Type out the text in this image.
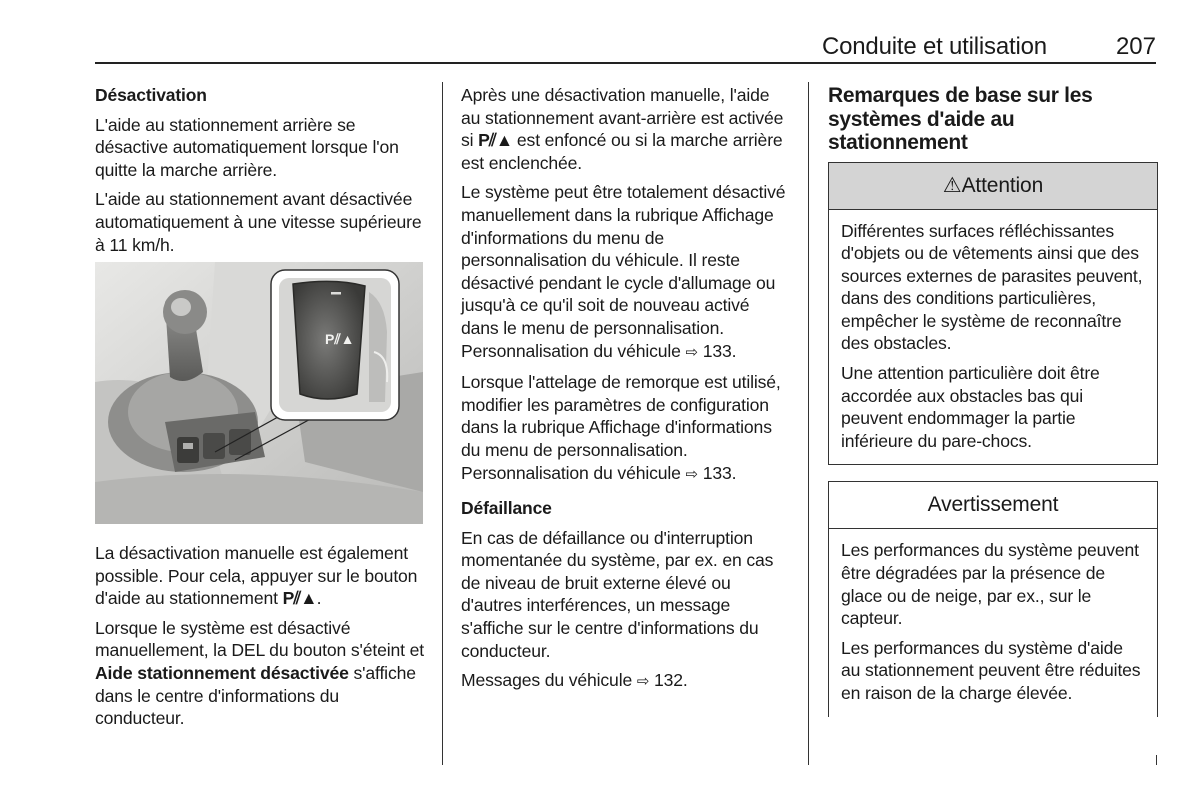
Conduite et utilisation	207

Désactivation

L'aide au stationnement arrière se désactive automatiquement lorsque l'on quitte la marche arrière.

L'aide au stationnement avant désactivée automatiquement à une vitesse supérieure à 11 km/h.

P⫽▲

La désactivation manuelle est également possible. Pour cela, appuyer sur le bouton d'aide au stationnement P⫽▲.

Lorsque le système est désactivé manuellement, la DEL du bouton s'éteint et Aide stationnement désactivée s'affiche dans le centre d'informations du conducteur.

Après une désactivation manuelle, l'aide au stationnement avant-arrière est activée si P⫽▲ est enfoncé ou si la marche arrière est enclenchée.

Le système peut être totalement désactivé manuellement dans la rubrique Affichage d'informations du menu de personnalisation du véhicule. Il reste désactivé pendant le cycle d'allumage ou jusqu'à ce qu'il soit de nouveau activé dans le menu de personnalisation. Personnalisation du véhicule ⇨ 133.

Lorsque l'attelage de remorque est utilisé, modifier les paramètres de configuration dans la rubrique Affichage d'informations du menu de personnalisation. Personnalisation du véhicule ⇨ 133.

Défaillance

En cas de défaillance ou d'interruption momentanée du système, par ex. en cas de niveau de bruit externe élevé ou d'autres interférences, un message s'affiche sur le centre d'informations du conducteur.

Messages du véhicule ⇨ 132.

Remarques de base sur les systèmes d'aide au stationnement

⚠Attention

Différentes surfaces réfléchissantes d'objets ou de vêtements ainsi que des sources externes de parasites peuvent, dans des conditions particulières, empêcher le système de reconnaître des obstacles.

Une attention particulière doit être accordée aux obstacles bas qui peuvent endommager la partie inférieure du pare-chocs.

Avertissement

Les performances du système peuvent être dégradées par la présence de glace ou de neige, par ex., sur le capteur.

Les performances du système d'aide au stationnement peuvent être réduites en raison de la charge élevée.
